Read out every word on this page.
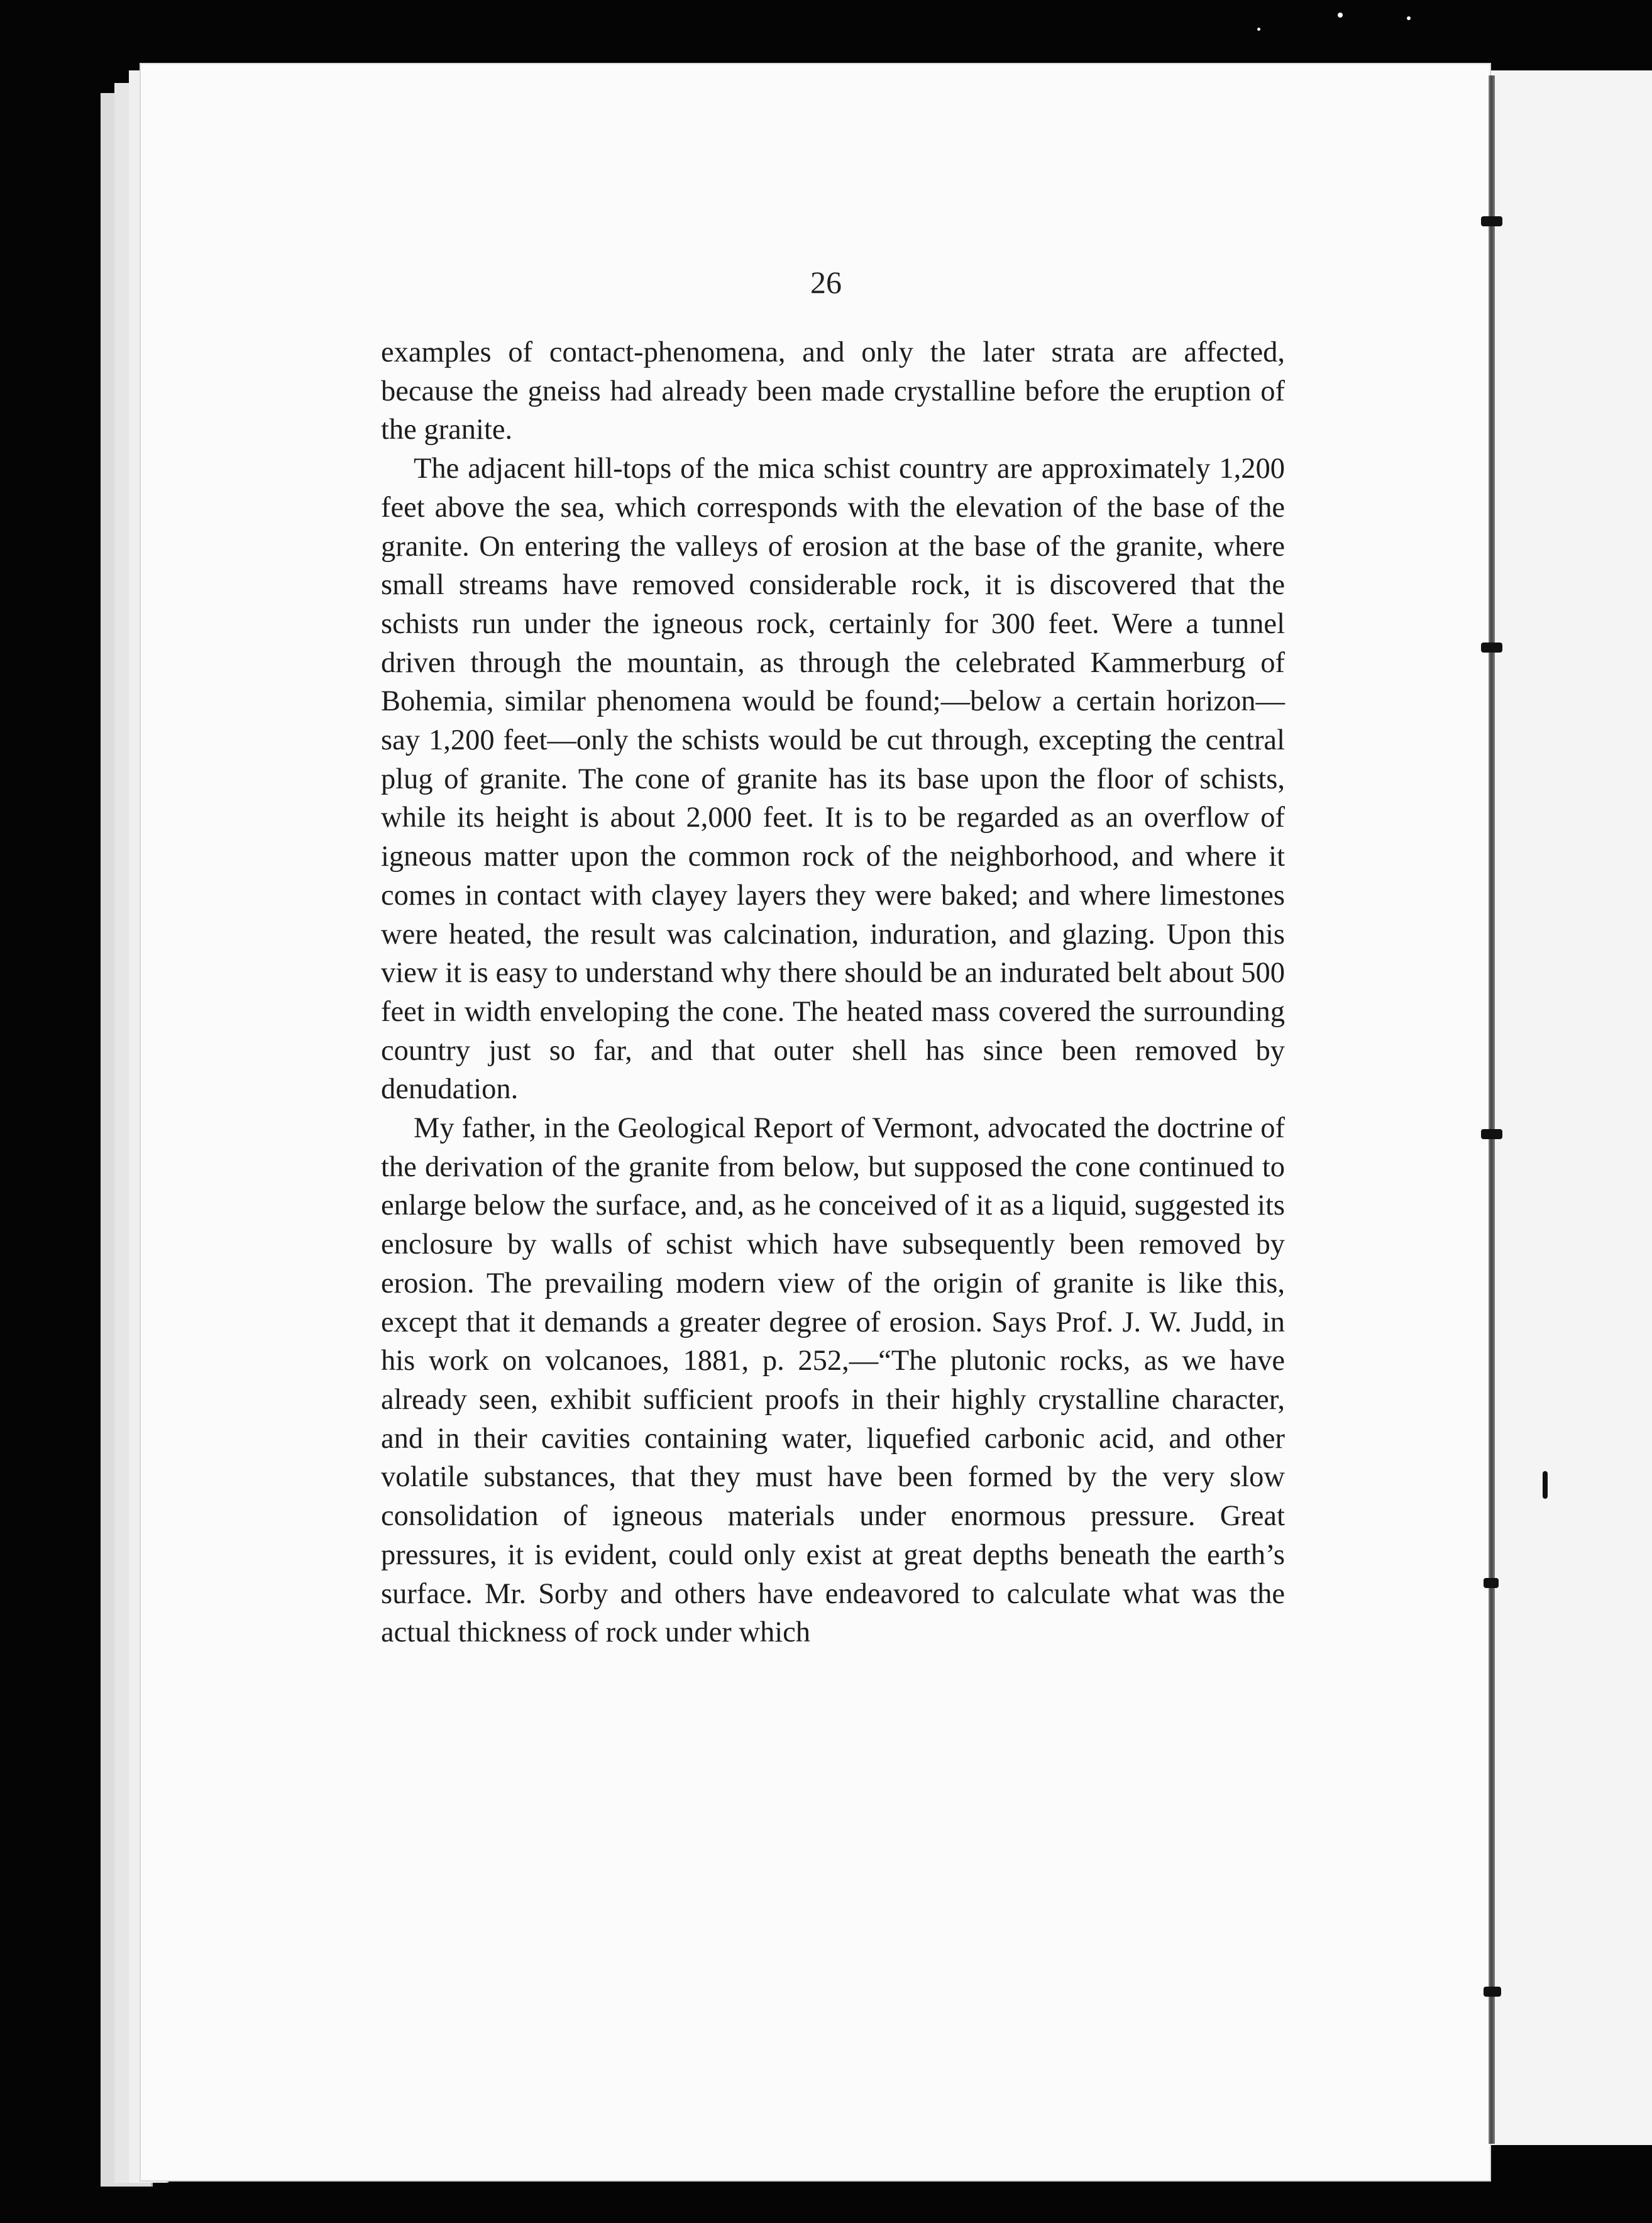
26

examples of contact-phenomena, and only the later strata are affected, because the gneiss had already been made crystalline before the eruption of the granite.

The adjacent hill-tops of the mica schist country are approximately 1,200 feet above the sea, which corresponds with the elevation of the base of the granite. On entering the valleys of erosion at the base of the granite, where small streams have removed considerable rock, it is discovered that the schists run under the igneous rock, certainly for 300 feet. Were a tunnel driven through the mountain, as through the celebrated Kammerburg of Bohemia, similar phenomena would be found;—below a certain horizon—say 1,200 feet—only the schists would be cut through, excepting the central plug of granite. The cone of granite has its base upon the floor of schists, while its height is about 2,000 feet. It is to be regarded as an overflow of igneous matter upon the common rock of the neighborhood, and where it comes in contact with clayey layers they were baked; and where limestones were heated, the result was calcination, induration, and glazing. Upon this view it is easy to understand why there should be an indurated belt about 500 feet in width enveloping the cone. The heated mass covered the surrounding country just so far, and that outer shell has since been removed by denudation.

My father, in the Geological Report of Vermont, advocated the doctrine of the derivation of the granite from below, but supposed the cone continued to enlarge below the surface, and, as he conceived of it as a liquid, suggested its enclosure by walls of schist which have subsequently been removed by erosion. The prevailing modern view of the origin of granite is like this, except that it demands a greater degree of erosion. Says Prof. J. W. Judd, in his work on volcanoes, 1881, p. 252,—“The plutonic rocks, as we have already seen, exhibit sufficient proofs in their highly crystalline character, and in their cavities containing water, liquefied carbonic acid, and other volatile substances, that they must have been formed by the very slow consolidation of igneous materials under enormous pressure. Great pressures, it is evident, could only exist at great depths beneath the earth’s surface. Mr. Sorby and others have endeavored to calculate what was the actual thickness of rock under which
